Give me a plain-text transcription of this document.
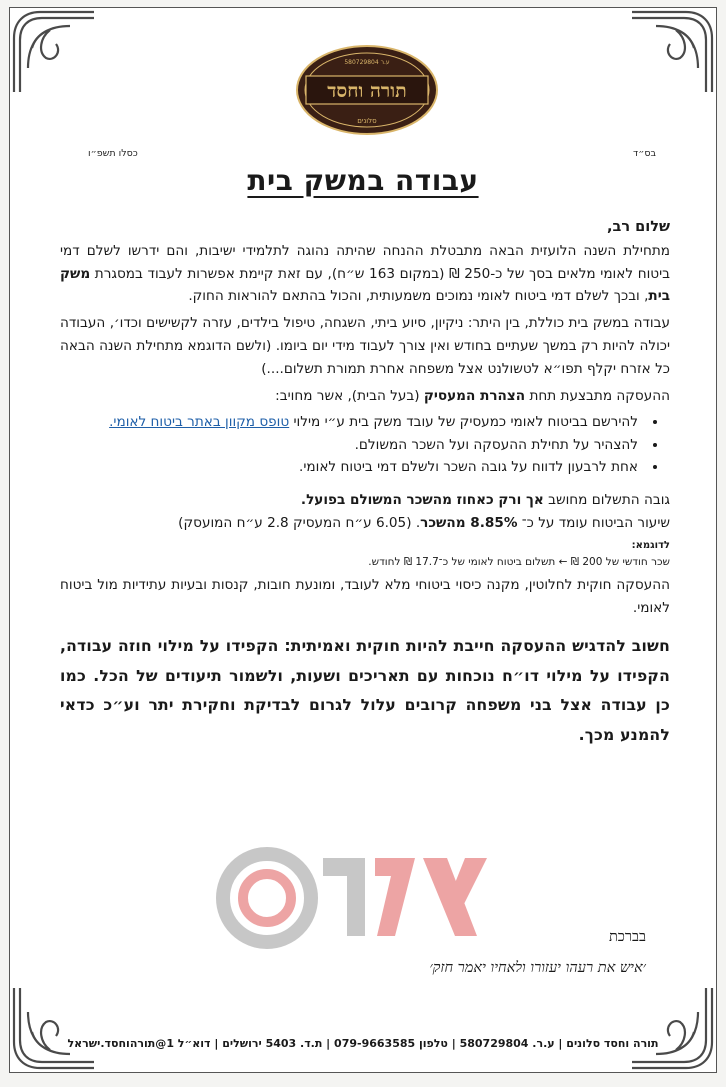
ע.ר 580729804
תורה וחסד
סלונים
בס״ד
כסלו תשפ״ו
עבודה במשק בית

שלום רב,

מתחילת השנה הלועזית הבאה מתבטלת ההנחה שהיתה נהוגה לתלמידי ישיבות, והם ידרשו לשלם דמי ביטוח לאומי מלאים בסך של כ-250 ₪ (במקום 163 ש״ח), עם זאת קיימת אפשרות לעבוד במסגרת משק בית, ובכך לשלם דמי ביטוח לאומי נמוכים משמעותית, והכול בהתאם להוראות החוק.

עבודה במשק בית כוללת, בין היתר: ניקיון, סיוע ביתי, השגחה, טיפול בילדים, עזרה לקשישים וכדו׳, העבודה יכולה להיות רק במשך שעתיים בחודש ואין צורך לעבוד מידי יום ביומו. (ולשם הדוגמא מתחילת השנה הבאה כל אזרח יקלף תפו״א לטשולנט אצל משפחה אחרת תמורת תשלום....)

ההעסקה מתבצעת תחת הצהרת המעסיק (בעל הבית), אשר מחויב:

• להירשם בביטוח לאומי כמעסיק של עובד משק בית ע״י מילוי טופס מקוון באתר ביטוח לאומי.
• להצהיר על תחילת ההעסקה ועל השכר המשולם.
• אחת לרבעון לדווח על גובה השכר ולשלם דמי ביטוח לאומי.

גובה התשלום מחושב אך ורק כאחוז מהשכר המשולם בפועל.

שיעור הביטוח עומד על כ־ 8.85% מהשכר. (6.05 ע״ח המעסיק 2.8 ע״ח המועסק)

לדוגמא:

שכר חודשי של 200 ₪ ← תשלום ביטוח לאומי של כ־17.7 ₪ לחודש.

ההעסקה חוקית לחלוטין, מקנה כיסוי ביטוחי מלא לעובד, ומונעת חובות, קנסות ובעיות עתידיות מול ביטוח לאומי.

חשוב להדגיש ההעסקה חייבת להיות חוקית ואמיתית: הקפידו על מילוי חוזה עבודה, הקפידו על מילוי דו״ח נוכחות עם תאריכים ושעות, ולשמור תיעודים של הכל. כמו כן עבודה אצל בני משפחה קרובים עלול לגרום לבדיקת וחקירת יתר וע״כ כדאי להמנע מכך.

בברכת
׳איש את רעהו יעזורו ולאחיו יאמר חזק׳
תורה וחסד סלונים | ע.ר. 580729804 | טלפון 079-9663585 | ת.ד. 5403 ירושלים | דוא״ל 1@תורהוחסד.ישראל
